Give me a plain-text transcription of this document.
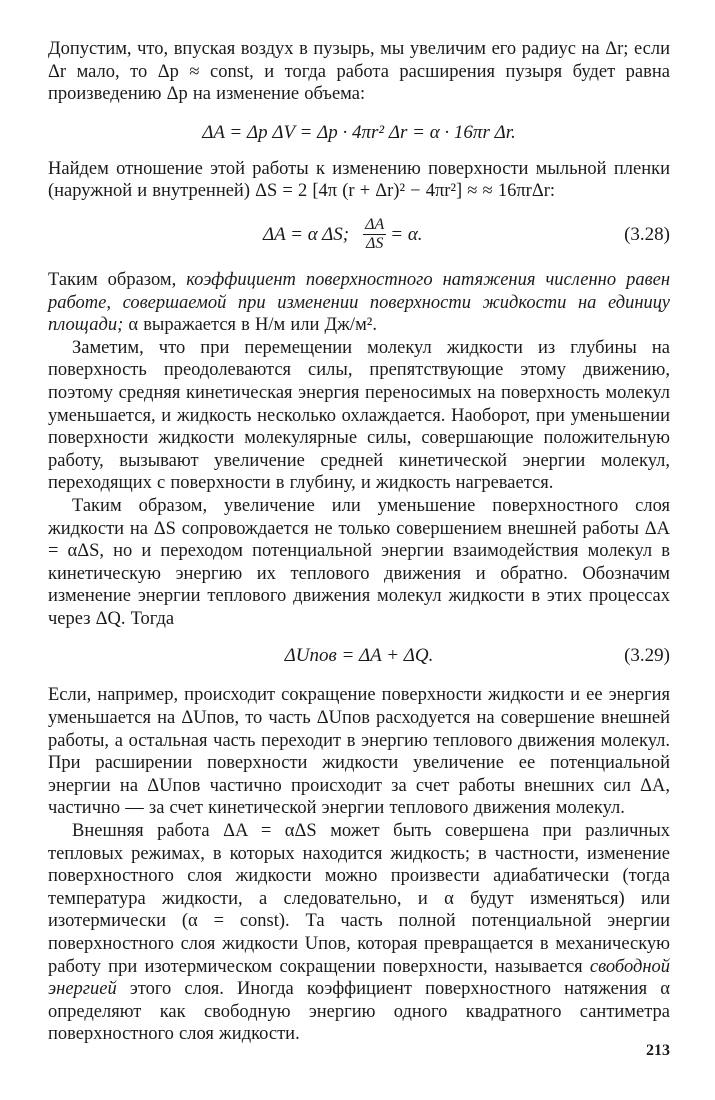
Допустим, что, впуская воздух в пузырь, мы увеличим его радиус на Δr; если Δr мало, то Δp ≈ const, и тогда работа расширения пузыря будет равна произведению Δp на изменение объема:

ΔA = Δp ΔV = Δp · 4πr² Δr = α · 16πr Δr.

Найдем отношение этой работы к изменению поверхности мыльной пленки (наружной и внутренней) ΔS = 2 [4π (r + Δr)² − 4πr²] ≈ ≈ 16πrΔr:

ΔA = α ΔS; $\frac{\Delta A}{\Delta S} = \alpha$.	(3.28)

Таким образом, коэффициент поверхностного натяжения численно равен работе, совершаемой при изменении поверхности жидкости на единицу площади; α выражается в Н/м или Дж/м².

Заметим, что при перемещении молекул жидкости из глубины на поверхность преодолеваются силы, препятствующие этому движению, поэтому средняя кинетическая энергия переносимых на поверхность молекул уменьшается, и жидкость несколько охлаждается. Наоборот, при уменьшении поверхности жидкости молекулярные силы, совершающие положительную работу, вызывают увеличение средней кинетической энергии молекул, переходящих с поверхности в глубину, и жидкость нагревается.

Таким образом, увеличение или уменьшение поверхностного слоя жидкости на ΔS сопровождается не только совершением внешней работы ΔA = αΔS, но и переходом потенциальной энергии взаимодействия молекул в кинетическую энергию их теплового движения и обратно. Обозначим изменение энергии теплового движения молекул жидкости в этих процессах через ΔQ. Тогда

ΔUпов = ΔA + ΔQ.	(3.29)

Если, например, происходит сокращение поверхности жидкости и ее энергия уменьшается на ΔUпов, то часть ΔUпов расходуется на совершение внешней работы, а остальная часть переходит в энергию теплового движения молекул. При расширении поверхности жидкости увеличение ее потенциальной энергии на ΔUпов частично происходит за счет работы внешних сил ΔA, частично — за счет кинетической энергии теплового движения молекул.

Внешняя работа ΔA = αΔS может быть совершена при различных тепловых режимах, в которых находится жидкость; в частности, изменение поверхностного слоя жидкости можно произвести адиабатически (тогда температура жидкости, а следовательно, и α будут изменяться) или изотермически (α = const). Та часть полной потенциальной энергии поверхностного слоя жидкости Uпов, которая превращается в механическую работу при изотермическом сокращении поверхности, называется свободной энергией этого слоя. Иногда коэффициент поверхностного натяжения α определяют как свободную энергию одного квадратного сантиметра поверхностного слоя жидкости.

213
